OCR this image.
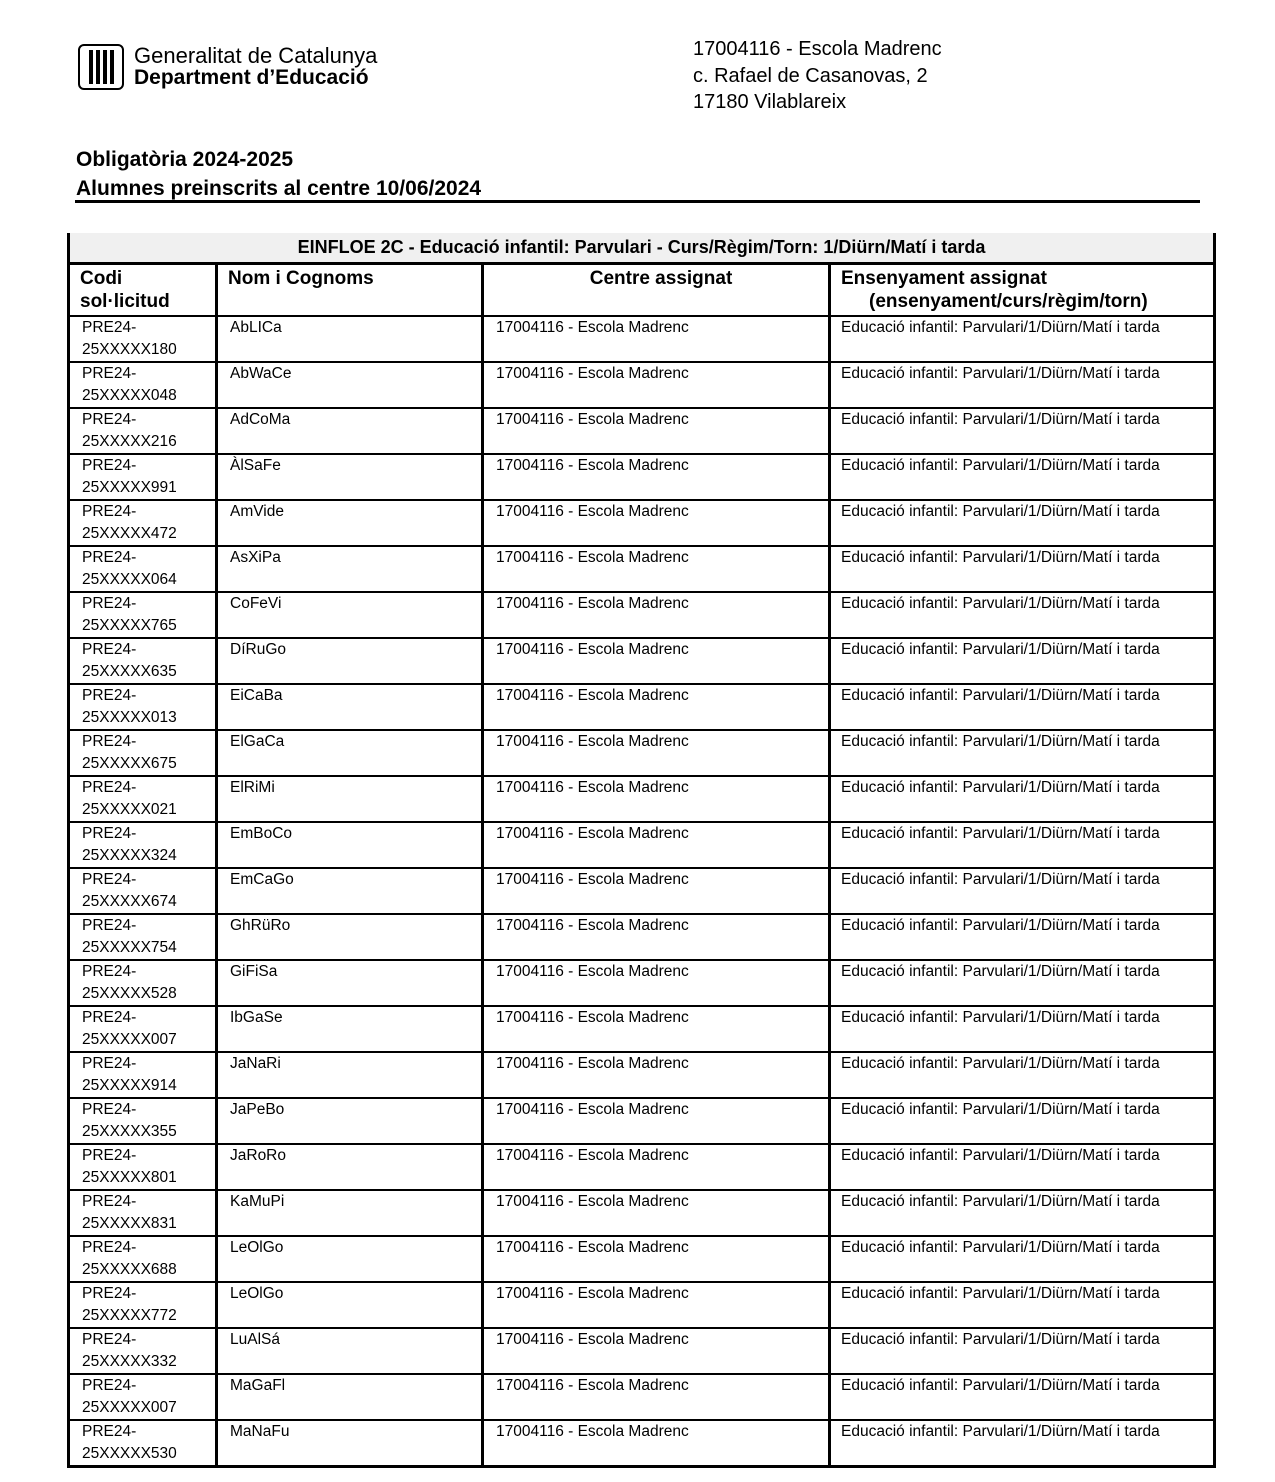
Generalitat de Catalunya
Department d’Educació
17004116 - Escola Madrenc
c. Rafael de Casanovas, 2
17180 Vilablareix
Obligatòria 2024-2025
Alumnes preinscrits al centre 10/06/2024
EINFLOE 2C - Educació infantil: Parvulari - Curs/Règim/Torn: 1/Diürn/Matí i tarda			
Codi
sol·licitud	Nom i Cognoms	Centre assignat	Ensenyament assignat
(ensenyament/curs/règim/torn)

PRE24-
25XXXXX180	AbLICa	17004116 - Escola Madrenc	Educació infantil: Parvulari/1/Diürn/Matí i tarda
PRE24-
25XXXXX048	AbWaCe	17004116 - Escola Madrenc	Educació infantil: Parvulari/1/Diürn/Matí i tarda
PRE24-
25XXXXX216	AdCoMa	17004116 - Escola Madrenc	Educació infantil: Parvulari/1/Diürn/Matí i tarda
PRE24-
25XXXXX991	ÀlSaFe	17004116 - Escola Madrenc	Educació infantil: Parvulari/1/Diürn/Matí i tarda
PRE24-
25XXXXX472	AmVide	17004116 - Escola Madrenc	Educació infantil: Parvulari/1/Diürn/Matí i tarda
PRE24-
25XXXXX064	AsXiPa	17004116 - Escola Madrenc	Educació infantil: Parvulari/1/Diürn/Matí i tarda
PRE24-
25XXXXX765	CoFeVi	17004116 - Escola Madrenc	Educació infantil: Parvulari/1/Diürn/Matí i tarda
PRE24-
25XXXXX635	DíRuGo	17004116 - Escola Madrenc	Educació infantil: Parvulari/1/Diürn/Matí i tarda
PRE24-
25XXXXX013	EiCaBa	17004116 - Escola Madrenc	Educació infantil: Parvulari/1/Diürn/Matí i tarda
PRE24-
25XXXXX675	ElGaCa	17004116 - Escola Madrenc	Educació infantil: Parvulari/1/Diürn/Matí i tarda
PRE24-
25XXXXX021	ElRiMi	17004116 - Escola Madrenc	Educació infantil: Parvulari/1/Diürn/Matí i tarda
PRE24-
25XXXXX324	EmBoCo	17004116 - Escola Madrenc	Educació infantil: Parvulari/1/Diürn/Matí i tarda
PRE24-
25XXXXX674	EmCaGo	17004116 - Escola Madrenc	Educació infantil: Parvulari/1/Diürn/Matí i tarda
PRE24-
25XXXXX754	GhRüRo	17004116 - Escola Madrenc	Educació infantil: Parvulari/1/Diürn/Matí i tarda
PRE24-
25XXXXX528	GiFiSa	17004116 - Escola Madrenc	Educació infantil: Parvulari/1/Diürn/Matí i tarda
PRE24-
25XXXXX007	IbGaSe	17004116 - Escola Madrenc	Educació infantil: Parvulari/1/Diürn/Matí i tarda
PRE24-
25XXXXX914	JaNaRi	17004116 - Escola Madrenc	Educació infantil: Parvulari/1/Diürn/Matí i tarda
PRE24-
25XXXXX355	JaPeBo	17004116 - Escola Madrenc	Educació infantil: Parvulari/1/Diürn/Matí i tarda
PRE24-
25XXXXX801	JaRoRo	17004116 - Escola Madrenc	Educació infantil: Parvulari/1/Diürn/Matí i tarda
PRE24-
25XXXXX831	KaMuPi	17004116 - Escola Madrenc	Educació infantil: Parvulari/1/Diürn/Matí i tarda
PRE24-
25XXXXX688	LeOlGo	17004116 - Escola Madrenc	Educació infantil: Parvulari/1/Diürn/Matí i tarda
PRE24-
25XXXXX772	LeOlGo	17004116 - Escola Madrenc	Educació infantil: Parvulari/1/Diürn/Matí i tarda
PRE24-
25XXXXX332	LuAlSá	17004116 - Escola Madrenc	Educació infantil: Parvulari/1/Diürn/Matí i tarda
PRE24-
25XXXXX007	MaGaFl	17004116 - Escola Madrenc	Educació infantil: Parvulari/1/Diürn/Matí i tarda
PRE24-
25XXXXX530	MaNaFu	17004116 - Escola Madrenc	Educació infantil: Parvulari/1/Diürn/Matí i tarda
